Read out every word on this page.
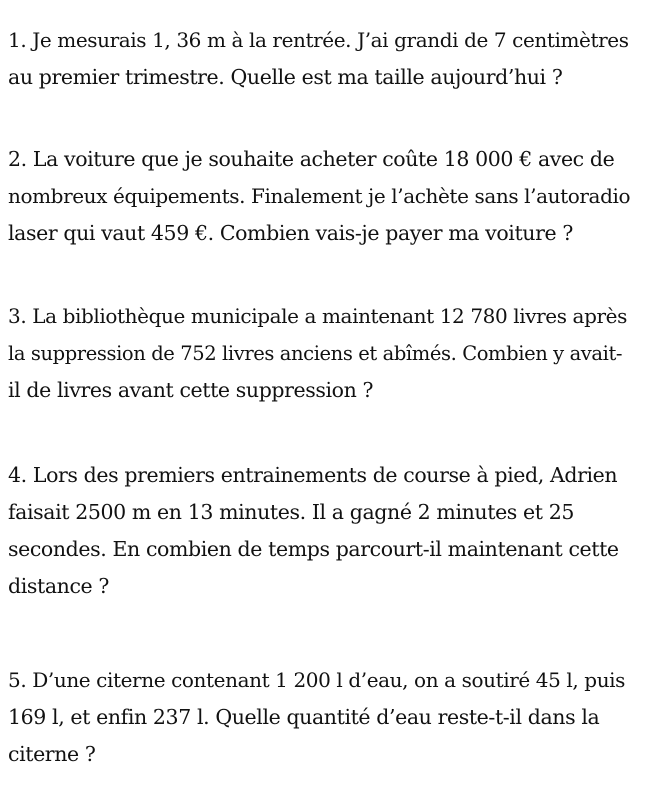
1. Je mesurais 1, 36 m à la rentrée. J’ai grandi de 7 centimètres
au premier trimestre. Quelle est ma taille aujourd’hui ?
2. La voiture que je souhaite acheter coûte 18 000 € avec de
nombreux équipements. Finalement je l’achète sans l’autoradio
laser qui vaut 459 €. Combien vais-je payer ma voiture ?
3. La bibliothèque municipale a maintenant 12 780 livres après
la suppression de 752 livres anciens et abîmés. Combien y avait-
il de livres avant cette suppression ?
4. Lors des premiers entrainements de course à pied, Adrien
faisait 2500 m en 13 minutes. Il a gagné 2 minutes et 25
secondes. En combien de temps parcourt-il maintenant cette
distance ?
5. D’une citerne contenant 1 200 l d’eau, on a soutiré 45 l, puis
169 l, et enfin 237 l. Quelle quantité d’eau reste-t-il dans la
citerne ?
